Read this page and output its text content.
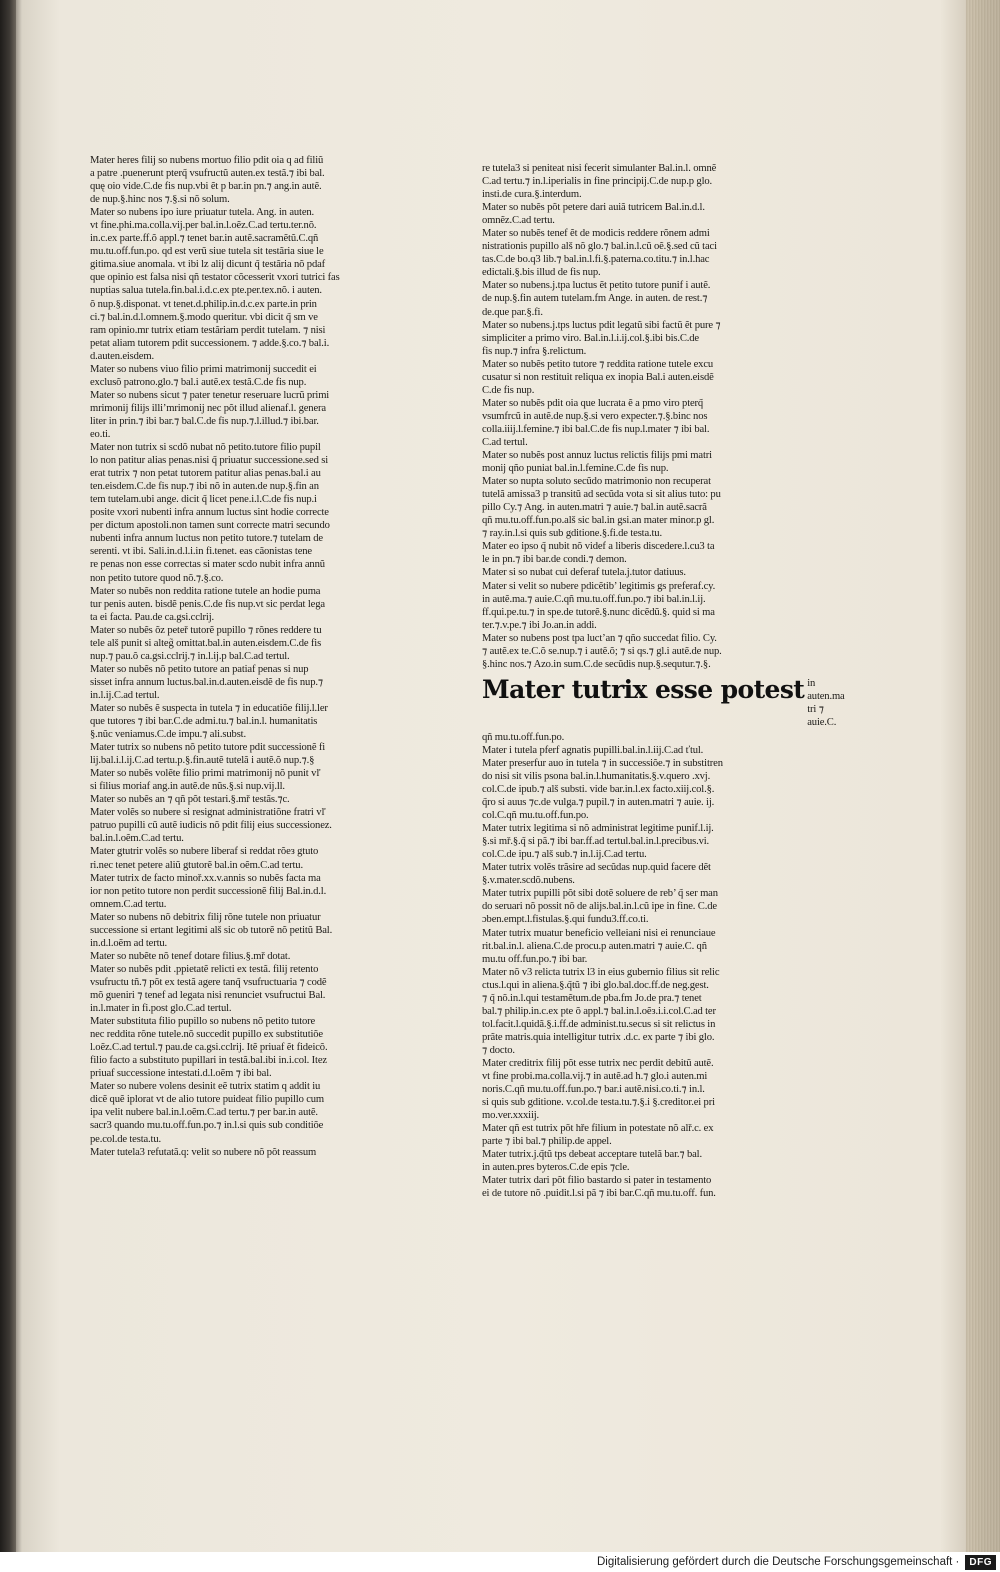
Mater heres filij so nubens mortuo filio pdit oia q ad filiũ

a patre .puenerunt pterq̃ vsufructũ auten.ex testã.⁊ ibi bal.

quę oio vide.C.de fis nup.vbi ẽt p bar.in pn.⁊ ang.in autẽ.

de nup.§.hinc nos ⁊.§.si nõ solum.

Mater so nubens ipo iure priuatur tutela. Ang. in auten.

vt fine.phi.ma.colla.vij.per bal.in.l.oẽz.C.ad tertu.ter.nõ.

in.c.ex parte.ff.õ appl.⁊ tenet bar.in autẽ.sacramẽtũ.C.qñ

mu.tu.off.fun.po. qd est verũ siue tutela sit testãria siue le

gitima.siue anomala. vt ibi lz alij dicunt q̃ testãria nõ pdaf

que opinio est falsa nisi qñ testator cõcesserit vxori tutrici fas

nuptias salua tutela.fin.bal.i.d.c.ex pte.per.tex.nõ. i auten.

õ nup.§.disponat. vt tenet.d.philip.in.d.c.ex parte.in prin

ci.⁊ bal.in.d.l.omnem.§.modo queritur. vbi dicit q̃ sm ve

ram opinio.mr tutrix etiam testãriam perdit tutelam. ⁊ nisi

petat aliam tutorem pdit successionem. ⁊ adde.§.co.⁊ bal.i.

d.auten.eisdem.

Mater so nubens viuo filio primi matrimonij succedit ei

exclusõ patrono.glo.⁊ bal.i autẽ.ex testã.C.de fis nup.

Mater so nubens sicut ⁊ pater tenetur reseruare lucrũ primi

mrimonij filijs illi’mrimonij nec põt illud alienaf.l. genera

liter in prin.⁊ ibi bar.⁊ bal.C.de fis nup.⁊.l.illud.⁊ ibi.bar.

eo.ti.

Mater non tutrix si scdõ nubat nõ petito.tutore filio pupil

lo non patitur alias penas.nisi q̃ priuatur successione.sed si

erat tutrix ⁊ non petat tutorem patitur alias penas.bal.i au

ten.eisdem.C.de fis nup.⁊ ibi nõ in auten.de nup.§.fin an

tem tutelam.ubi ange. dicit q̃ licet pene.i.l.C.de fis nup.i

posite vxori nubenti infra annum luctus sint hodie correcte

per dictum apostoli.non tamen sunt correcte matri secundo

nubenti infra annum luctus non petito tutore.⁊ tutelam de

serenti. vt ibi. Sali.in.d.l.i.in fi.tenet. eas cãonistas tene

re penas non esse correctas si mater scdo nubit infra annũ

non petito tutore quod nõ.⁊.§.co.

Mater so nubẽs non reddita ratione tutele an hodie puma

tur penis auten. bisdẽ penis.C.de fis nup.vt sic perdat lega

ta ei facta. Pau.de ca.gsi.cclrij.

Mater so nubẽs õz peteř tutorẽ pupillo ⁊ rõnes reddere tu

tele alš punit si alteg̃ omittat.bal.in auten.eisdem.C.de fis

nup.⁊ pau.õ ca.gsi.cclrij.⁊ in.l.ij.p bal.C.ad tertul.

Mater so nubẽs nõ petito tutore an patiaf penas si nup

sisset infra annum luctus.bal.in.d.auten.eisdẽ de fis nup.⁊

in.l.ij.C.ad tertul.

Mater so nubẽs ẽ suspecta in tutela ⁊ in educatiõe filij.l.ler

que tutores ⁊ ibi bar.C.de admi.tu.⁊ bal.in.l. humanitatis

§.nũc veniamus.C.de impu.⁊ ali.subst.

Mater tutrix so nubens nõ petito tutore pdit successionẽ fi

lij.bal.i.l.ij.C.ad tertu.p.§.fin.autẽ tutelã i autẽ.õ nup.⁊.§

Mater so nubẽs volẽte filio primi matrimonij nõ punit vľ

si filius moriaf ang.in autẽ.de nũs.§.si nup.vij.ll.

Mater so nubẽs an ⁊ qñ põt testari.§.mř testãs.⁊c.

Mater volẽs so nubere si resignat administratiõne fratri vľ

patruo pupilli cũ autẽ iudicis nõ pdit filij eius successionez.

bal.in.l.oẽm.C.ad tertu.

Mater gtutrir volẽs so nubere liberaf si reddat rõeз gtuto

ri.nec tenet petere aliũ gtutorẽ bal.in oẽm.C.ad tertu.

Mater tutrix de facto minoř.xx.v.annis so nubẽs facta ma

ior non petito tutore non perdit successionẽ filij Bal.in.d.l.

omnem.C.ad tertu.

Mater so nubens nõ debitrix filij rõne tutele non priuatur

successione si ertant legitimi alš sic ob tutorẽ nõ petitũ Bal.

in.d.l.oẽm ad tertu.

Mater so nubẽte nõ tenef dotare filius.§.mř dotat.

Mater so nubẽs pdit .ppietatẽ relicti ex testã. filij retento

vsufructu tñ.⁊ põt ex testã agere tanq̃ vsufructuaria ⁊ codẽ

mõ gueniri ⁊ tenef ad legata nisi renunciet vsufructui Bal.

in.l.mater in fi.post glo.C.ad tertul.

Mater substituta filio pupillo so nubens nõ petito tutore

nec reddita rõne tutele.nõ succedit pupillo ex substitutiõe

l.oẽz.C.ad tertul.⁊ pau.de ca.gsi.cclrij. Itẽ priuaf ẽt fideicõ.

filio facto a substituto pupillari in testã.bal.ibi in.i.col. Itez

priuaf successione intestati.d.l.oẽm ⁊ ibi bal.

Mater so nubere volens desinit eẽ tutrix statim q addit iu

dicẽ quẽ iplorat vt de alio tutore puideat filio pupillo cum

ipa velit nubere bal.in.l.oẽm.C.ad tertu.⁊ per bar.in autẽ.

sacr3 quando mu.tu.off.fun.po.⁊ in.l.si quis sub conditiõe

pe.col.de testa.tu.

Mater tutela3 refutatã.q: velit so nubere nõ põt reassum

re tutela3 si peniteat nisi fecerit simulanter Bal.in.l. omnẽ

C.ad tertu.⁊ in.l.iperialis in fine principij.C.de nup.p glo.

insti.de cura.§.interdum.

Mater so nubẽs põt petere dari auiã tutricem Bal.in.d.l.

omnẽz.C.ad tertu.

Mater so nubẽs tenef ẽt de modicis reddere rõnem admi

nistrationis pupillo alš nõ glo.⁊ bal.in.l.cũ oẽ.§.sed cũ taci

tas.C.de bo.q3 lib.⁊ bal.in.l.fi.§.paterna.co.titu.⁊ in.l.hac

edictali.§.bis illud de fis nup.

Mater so nubens.j.tpa luctus ẽt petito tutore punif i autẽ.

de nup.§.fin autem tutelam.fm Ange. in auten. de rest.⁊

de.que par.§.fi.

Mater so nubens.j.tps luctus pdit legatũ sibi factũ ẽt pure ⁊

simpliciter a primo viro. Bal.in.l.i.ij.col.§.ibi bis.C.de

fis nup.⁊ infra §.relictum.

Mater so nubẽs petito tutore ⁊ reddita ratione tutele excu

cusatur si non restituit reliqua ex inopia Bal.i auten.eisdẽ

C.de fis nup.

Mater so nubẽs pdit oia que lucrata ẽ a pmo viro pterq̃

vsumfrcũ in autẽ.de nup.§.si vero expecter.⁊.§.binc nos

colla.iiij.l.femine.⁊ ibi bal.C.de fis nup.l.mater ⁊ ibi bal.

C.ad tertul.

Mater so nubẽs post annuz luctus relictis filijs pmi matri

monij qño puniat bal.in.l.femine.C.de fis nup.

Mater so nupta soluto secũdo matrimonio non recuperat

tutelã amissa3 p transitũ ad secũda vota si sit alius tuto: pu

pillo Cy.⁊ Ang. in auten.matri ⁊ auie.⁊ bal.in autẽ.sacrã

qñ mu.tu.off.fun.po.alš sic bal.in gsi.an mater minor.p gl.

⁊ ray.in.l.si quis sub gditione.§.fi.de testa.tu.

Mater eo ipso q̃ nubit nõ videf a liberis discedere.l.cu3 ta

le in pn.⁊ ibi bar.de condi.⁊ demon.

Mater si so nubat cui deferaf tutela.j.tutor datiuus.

Mater si velit so nubere pdicẽtib’ legitimis gs preferaf.cy.

in autẽ.ma.⁊ auie.C.qñ mu.tu.off.fun.po.⁊ ibi bal.in.l.ij.

ff.qui.pe.tu.⁊ in spe.de tutorẽ.§.nunc dicẽdũ.§. quid si ma

ter.⁊.v.pe.⁊ ibi Jo.an.in addi.

Mater so nubens post tpa luct’an ⁊ qño succedat filio. Cy.

⁊ autẽ.ex te.C.õ se.nup.⁊ i autẽ.õ; ⁊ si qs.⁊ gl.i autẽ.de nup.

§.hinc nos.⁊ Azo.in sum.C.de secũdis nup.§.sequtur.⁊.§.

Mater tutrix esse potest in auten.ma
tri ⁊ auie.C.

qñ mu.tu.off.fun.po.

Mater i tutela pferf agnatis pupilli.bal.in.l.iij.C.ad ťtul.

Mater preserfur auo in tutela ⁊ in successiõe.⁊ in substitren

do nisi sit vilis psona bal.in.l.humanitatis.§.v.quero .xvj.

col.C.de ipub.⁊ alš substi. vide bar.in.l.ex facto.xiij.col.§.

q̃ro si auus ⁊c.de vulga.⁊ pupil.⁊ in auten.matri ⁊ auie. ij.

col.C.qñ mu.tu.off.fun.po.

Mater tutrix legitima si nõ administrat legitime punif.l.ij.

§.si mř.§.q̃ si pã.⁊ ibi bar.ff.ad tertul.bal.in.l.precibus.vi.

col.C.de ipu.⁊ alš sub.⁊ in.l.ij.C.ad tertu.

Mater tutrix volẽs trãsire ad secũdas nup.quid facere dẽt

§.v.mater.scdõ.nubens.

Mater tutrix pupilli põt sibi dotẽ soluere de reb’ q̃ ser man

do seruari nõ possit nõ de alijs.bal.in.l.cũ ipe in fine. C.de

ɔben.empt.l.fistulas.§.qui fundu3.ff.co.ti.

Mater tutrix muatur beneficio velleiani nisi ei renunciaue

rit.bal.in.l. aliena.C.de procu.p auten.matri ⁊ auie.C. qñ

mu.tu off.fun.po.⁊ ibi bar.

Mater nõ v3 relicta tutrix l3 in eius gubernio filius sit relic

ctus.l.qui in aliena.§.q̃tũ ⁊ ibi glo.bal.doc.ff.de neg.gest.

⁊ q̃ nõ.in.l.qui testamẽtum.de pba.fm Jo.de pra.⁊ tenet

bal.⁊ philip.in.c.ex pte õ appl.⁊ bal.in.l.oẽз.i.i.col.C.ad ter

tol.facit.l.quidã.§.i.ff.de administ.tu.secus si sit relictus in

prãte matris.quia intelligitur tutrix .d.c. ex parte ⁊ ibi glo.

⁊ docto.

Mater creditrix filij põt esse tutrix nec perdit debitũ autẽ.

vt fine probi.ma.colla.vij.⁊ in autẽ.ad h.⁊ glo.i auten.mi

noris.C.qñ mu.tu.off.fun.po.⁊ bar.i autẽ.nisi.co.ti.⁊ in.l.

si quis sub gditione. v.col.de testa.tu.⁊.§.i §.creditor.ei pri

mo.ver.xxxiij.

Mater qñ est tutrix põt hře filium in potestate nõ alř.c. ex

parte ⁊ ibi bal.⁊ philip.de appel.

Mater tutrix.j.q̃tũ tps debeat acceptare tutelã bar.⁊ bal.

in auten.pres byteros.C.de epis ⁊cle.

Mater tutrix dari põt filio bastardo si pater in testamento

ei de tutore nõ .puidit.l.si pã ⁊ ibi bar.C.qñ mu.tu.off. fun.

Digitalisierung gefördert durch die Deutsche Forschungsgemeinschaft ·	DFG
